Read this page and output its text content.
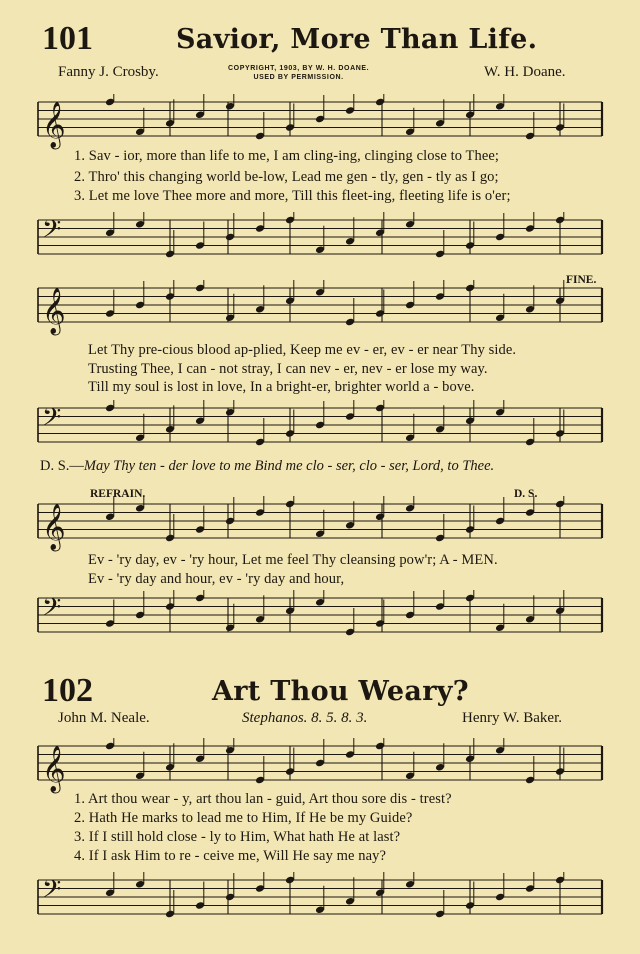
101	Savior, More Than Life.
Fanny J. Crosby.	COPYRIGHT, 1903, BY W. H. DOANE.
USED BY PERMISSION.	W. H. Doane.
𝄞
1. Sav - ior, more than life to me, I am cling-ing, clinging close to Thee;
2. Thro' this changing world be-low, Lead me gen - tly, gen - tly as I go;
3. Let me love Thee more and more, Till this fleet-ing, fleeting life is o'er;
𝄢
𝄞
FINE.
Let Thy pre-cious blood ap-plied, Keep me ev - er, ev - er near Thy side.
Trusting Thee, I can - not stray, I can nev - er, nev - er lose my way.
Till my soul is lost in love, In a bright-er, brighter world a - bove.
𝄢
D. S.—May Thy ten - der love to me Bind me clo - ser, clo - ser, Lord, to Thee.
REFRAIN.	D. S.
𝄞
Ev - 'ry day, ev - 'ry hour, Let me feel Thy cleansing pow'r; A - MEN.
Ev - 'ry day and hour, ev - 'ry day and hour,
𝄢
102	Art Thou Weary?
John M. Neale.	Stephanos. 8. 5. 8. 3.	Henry W. Baker.
𝄞
1. Art thou wear - y, art thou lan - guid, Art thou sore dis - trest?
2. Hath He marks to lead me to Him, If He be my Guide?
3. If I still hold close - ly to Him, What hath He at last?
4. If I ask Him to re - ceive me, Will He say me nay?
𝄢
